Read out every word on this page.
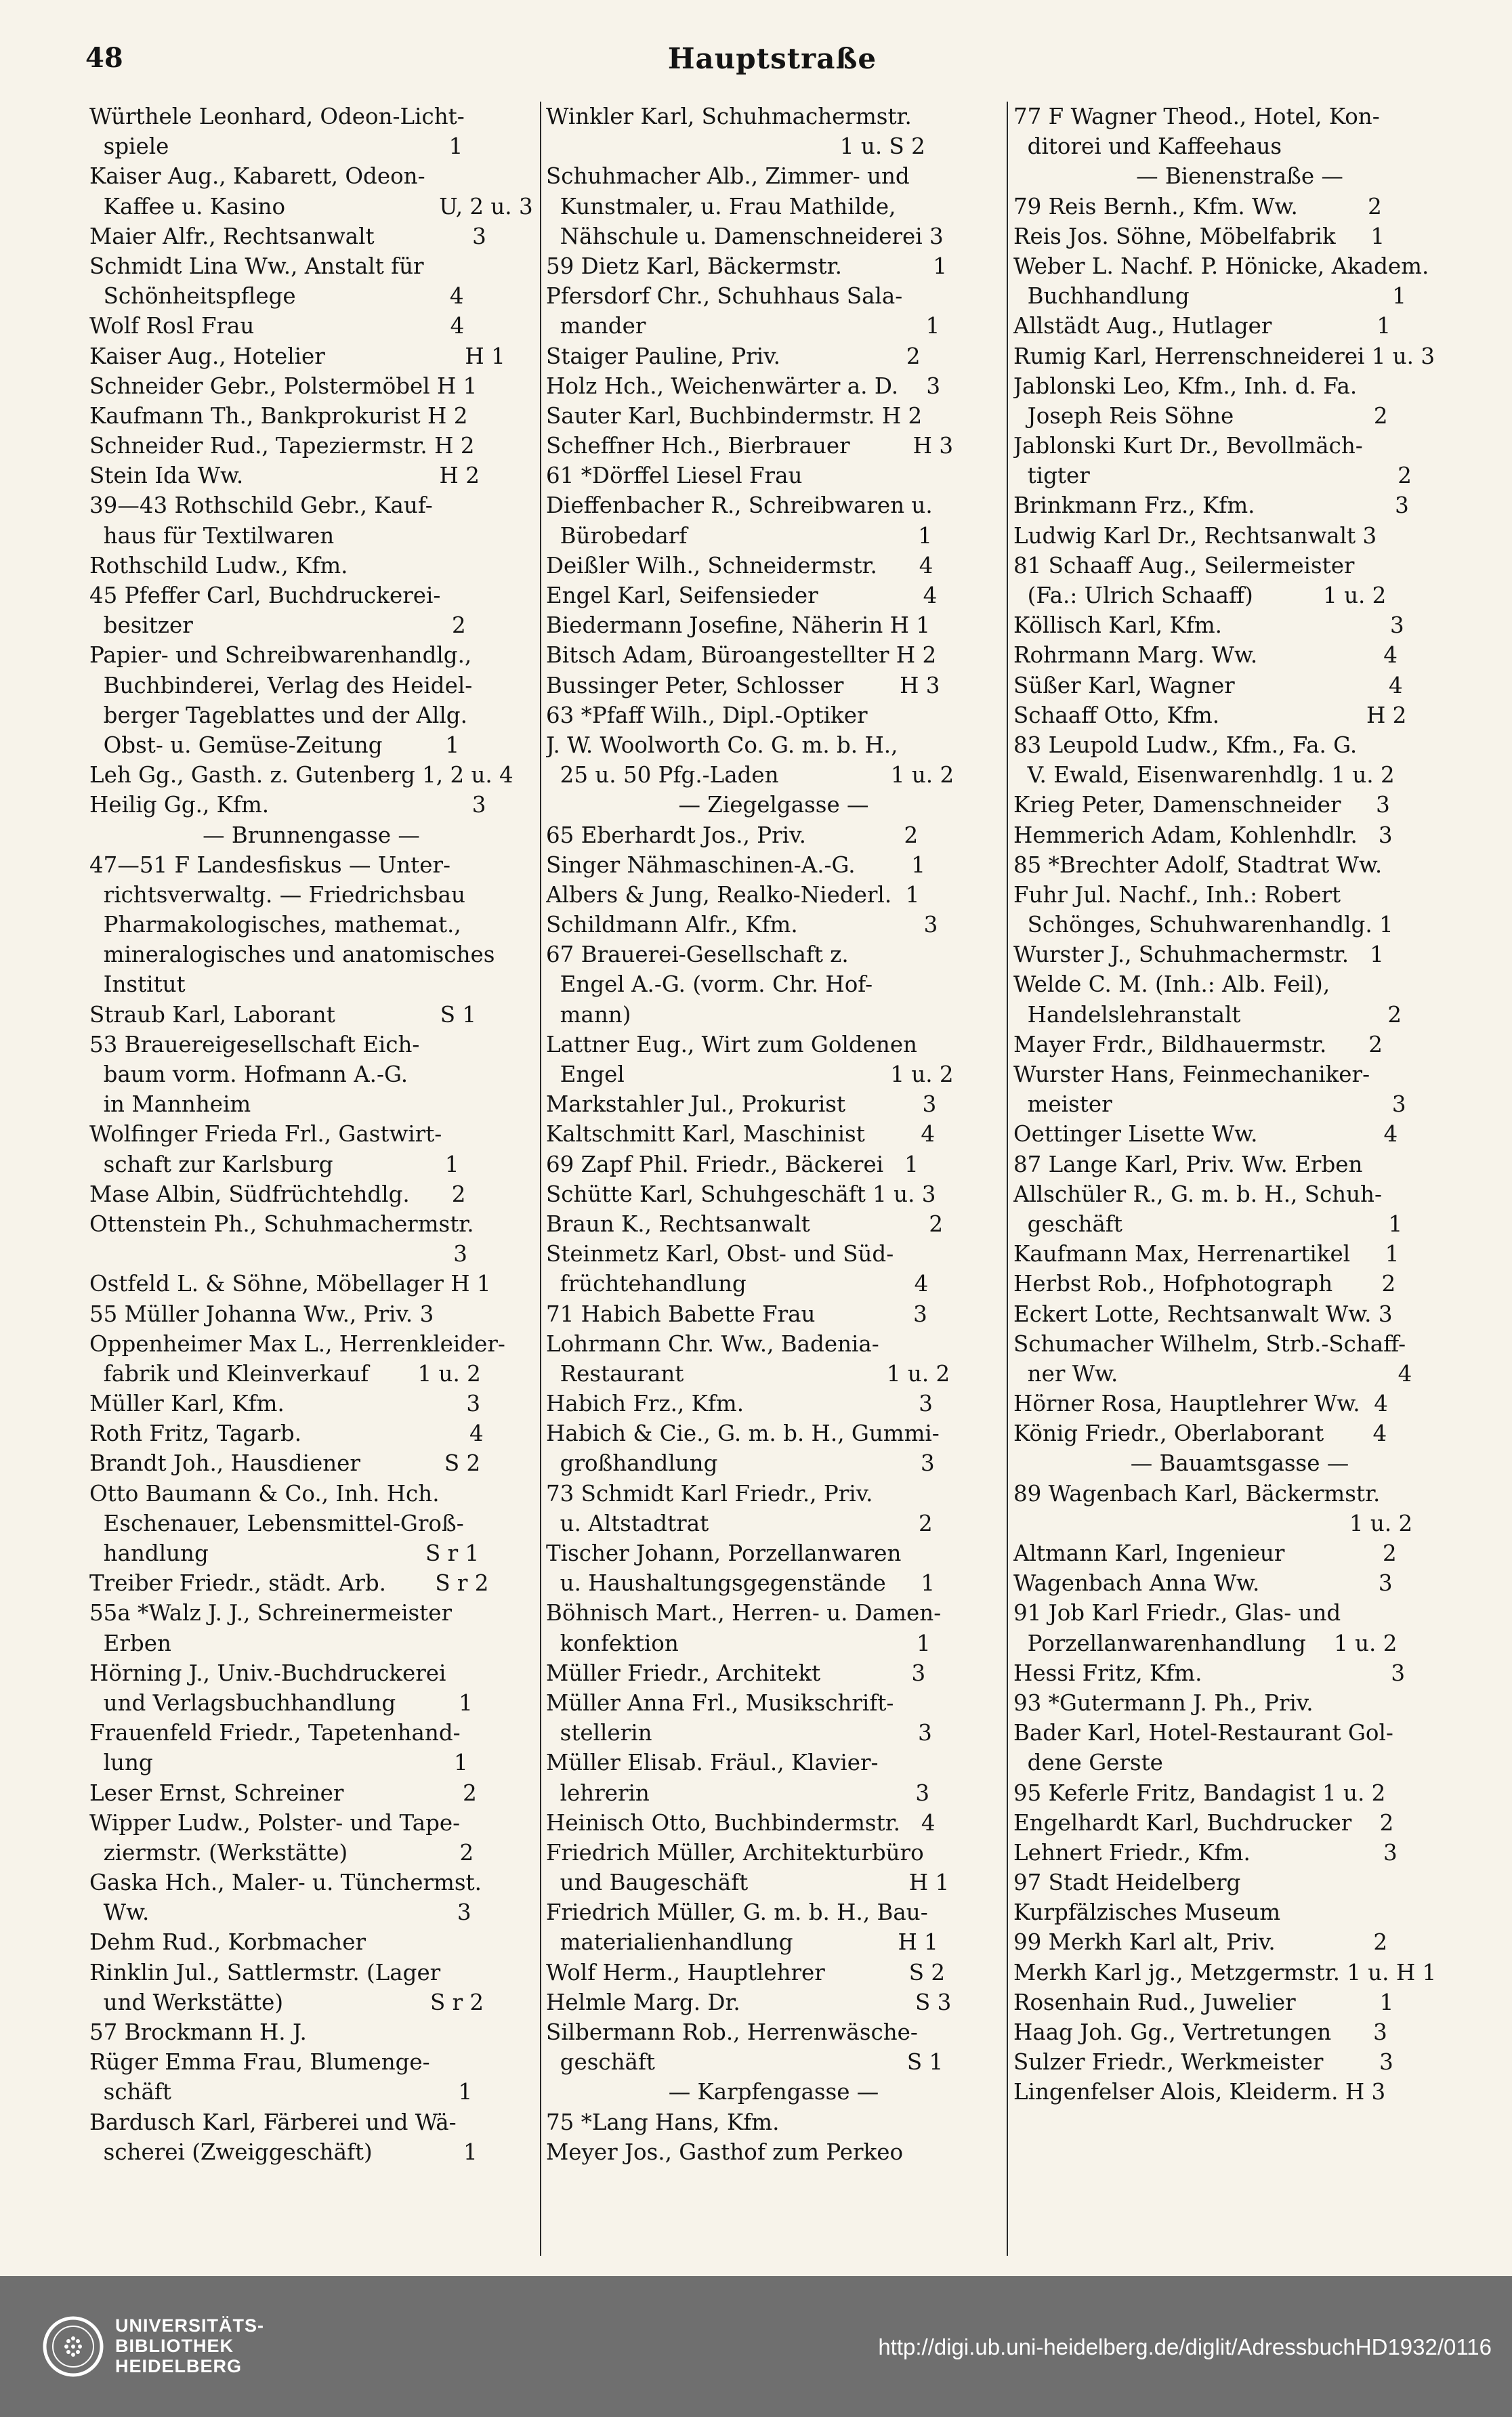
48	Hauptstraße
Würthele Leonhard, Odeon-Licht-
spiele                                        1
Kaiser Aug., Kabarett, Odeon-
Kaffee u. Kasino                      U, 2 u. 3
Maier Alfr., Rechtsanwalt              3
Schmidt Lina Ww., Anstalt für
Schönheitspflege                      4
Wolf Rosl Frau                            4
Kaiser Aug., Hotelier                    H 1
Schneider Gebr., Polstermöbel H 1
Kaufmann Th., Bankprokurist H 2
Schneider Rud., Tapeziermstr. H 2
Stein Ida Ww.                            H 2
39—43 Rothschild Gebr., Kauf-
haus für Textilwaren
Rothschild Ludw., Kfm.
45 Pfeffer Carl, Buchdruckerei-
besitzer                                     2
Papier- und Schreibwarenhandlg.,
Buchbinderei, Verlag des Heidel-
berger Tageblattes und der Allg.
Obst- u. Gemüse-Zeitung         1
Leh Gg., Gasth. z. Gutenberg 1, 2 u. 4
Heilig Gg., Kfm.                             3
— Brunnengasse —
47—51 F Landesfiskus — Unter-
richtsverwaltg. — Friedrichsbau
Pharmakologisches, mathemat.,
mineralogisches und anatomisches
Institut
Straub Karl, Laborant               S 1
53 Brauereigesellschaft Eich-
baum vorm. Hofmann A.-G.
in Mannheim
Wolfinger Frieda Frl., Gastwirt-
schaft zur Karlsburg                1
Mase Albin, Südfrüchtehdlg.      2
Ottenstein Ph., Schuhmachermstr.
3
Ostfeld L. & Söhne, Möbellager H 1
55 Müller Johanna Ww., Priv. 3
Oppenheimer Max L., Herrenkleider-
fabrik und Kleinverkauf       1 u. 2
Müller Karl, Kfm.                          3
Roth Fritz, Tagarb.                        4
Brandt Joh., Hausdiener            S 2
Otto Baumann & Co., Inh. Hch.
Eschenauer, Lebensmittel-Groß-
handlung                               S r 1
Treiber Friedr., städt. Arb.       S r 2
55a *Walz J. J., Schreinermeister
Erben
Hörning J., Univ.-Buchdruckerei
und Verlagsbuchhandlung         1
Frauenfeld Friedr., Tapetenhand-
lung                                           1
Leser Ernst, Schreiner                 2
Wipper Ludw., Polster- und Tape-
ziermstr. (Werkstätte)                2
Gaska Hch., Maler- u. Tünchermst.
Ww.                                            3
Dehm Rud., Korbmacher
Rinklin Jul., Sattlermstr. (Lager
und Werkstätte)                     S r 2
57 Brockmann H. J.
Rüger Emma Frau, Blumenge-
schäft                                         1
Bardusch Karl, Färberei und Wä-
scherei (Zweiggeschäft)             1
Winkler Karl, Schuhmachermstr.
1 u. S 2
Schuhmacher Alb., Zimmer- und
Kunstmaler, u. Frau Mathilde,
Nähschule u. Damenschneiderei 3
59 Dietz Karl, Bäckermstr.             1
Pfersdorf Chr., Schuhhaus Sala-
mander                                        1
Staiger Pauline, Priv.                  2
Holz Hch., Weichenwärter a. D.    3
Sauter Karl, Buchbindermstr. H 2
Scheffner Hch., Bierbrauer         H 3
61 *Dörffel Liesel Frau
Dieffenbacher R., Schreibwaren u.
Bürobedarf                                 1
Deißler Wilh., Schneidermstr.      4
Engel Karl, Seifensieder               4
Biedermann Josefine, Näherin H 1
Bitsch Adam, Büroangestellter H 2
Bussinger Peter, Schlosser        H 3
63 *Pfaff Wilh., Dipl.-Optiker
J. W. Woolworth Co. G. m. b. H.,
25 u. 50 Pfg.-Laden                1 u. 2
— Ziegelgasse —
65 Eberhardt Jos., Priv.              2
Singer Nähmaschinen-A.-G.        1
Albers & Jung, Realko-Niederl.  1
Schildmann Alfr., Kfm.                  3
67 Brauerei-Gesellschaft z.
Engel A.-G. (vorm. Chr. Hof-
mann)
Lattner Eug., Wirt zum Goldenen
Engel                                      1 u. 2
Markstahler Jul., Prokurist           3
Kaltschmitt Karl, Maschinist        4
69 Zapf Phil. Friedr., Bäckerei   1
Schütte Karl, Schuhgeschäft 1 u. 3
Braun K., Rechtsanwalt                 2
Steinmetz Karl, Obst- und Süd-
früchtehandlung                        4
71 Habich Babette Frau              3
Lohrmann Chr. Ww., Badenia-
Restaurant                             1 u. 2
Habich Frz., Kfm.                         3
Habich & Cie., G. m. b. H., Gummi-
großhandlung                             3
73 Schmidt Karl Friedr., Priv.
u. Altstadtrat                              2
Tischer Johann, Porzellanwaren
u. Haushaltungsgegenstände     1
Böhnisch Mart., Herren- u. Damen-
konfektion                                  1
Müller Friedr., Architekt             3
Müller Anna Frl., Musikschrift-
stellerin                                      3
Müller Elisab. Fräul., Klavier-
lehrerin                                      3
Heinisch Otto, Buchbindermstr.   4
Friedrich Müller, Architekturbüro
und Baugeschäft                       H 1
Friedrich Müller, G. m. b. H., Bau-
materialienhandlung               H 1
Wolf Herm., Hauptlehrer            S 2
Helmle Marg. Dr.                         S 3
Silbermann Rob., Herrenwäsche-
geschäft                                    S 1
— Karpfengasse —
75 *Lang Hans, Kfm.
Meyer Jos., Gasthof zum Perkeo
77 F Wagner Theod., Hotel, Kon-
ditorei und Kaffeehaus
— Bienenstraße —
79 Reis Bernh., Kfm. Ww.          2
Reis Jos. Söhne, Möbelfabrik     1
Weber L. Nachf. P. Hönicke, Akadem.
Buchhandlung                             1
Allstädt Aug., Hutlager               1
Rumig Karl, Herrenschneiderei 1 u. 3
Jablonski Leo, Kfm., Inh. d. Fa.
Joseph Reis Söhne                    2
Jablonski Kurt Dr., Bevollmäch-
tigter                                            2
Brinkmann Frz., Kfm.                    3
Ludwig Karl Dr., Rechtsanwalt 3
81 Schaaff Aug., Seilermeister
(Fa.: Ulrich Schaaff)          1 u. 2
Köllisch Karl, Kfm.                        3
Rohrmann Marg. Ww.                  4
Süßer Karl, Wagner                      4
Schaaff Otto, Kfm.                     H 2
83 Leupold Ludw., Kfm., Fa. G.
V. Ewald, Eisenwarenhdlg. 1 u. 2
Krieg Peter, Damenschneider     3
Hemmerich Adam, Kohlenhdlr.   3
85 *Brechter Adolf, Stadtrat Ww.
Fuhr Jul. Nachf., Inh.: Robert
Schönges, Schuhwarenhandlg. 1
Wurster J., Schuhmachermstr.   1
Welde C. M. (Inh.: Alb. Feil),
Handelslehranstalt                     2
Mayer Frdr., Bildhauermstr.      2
Wurster Hans, Feinmechaniker-
meister                                        3
Oettinger Lisette Ww.                  4
87 Lange Karl, Priv. Ww. Erben
Allschüler R., G. m. b. H., Schuh-
geschäft                                      1
Kaufmann Max, Herrenartikel     1
Herbst Rob., Hofphotograph       2
Eckert Lotte, Rechtsanwalt Ww. 3
Schumacher Wilhelm, Strb.-Schaff-
ner Ww.                                        4
Hörner Rosa, Hauptlehrer Ww.  4
König Friedr., Oberlaborant       4
— Bauamtsgasse —
89 Wagenbach Karl, Bäckermstr.
1 u. 2
Altmann Karl, Ingenieur              2
Wagenbach Anna Ww.                 3
91 Job Karl Friedr., Glas- und
Porzellanwarenhandlung    1 u. 2
Hessi Fritz, Kfm.                           3
93 *Gutermann J. Ph., Priv.
Bader Karl, Hotel-Restaurant Gol-
dene Gerste
95 Keferle Fritz, Bandagist 1 u. 2
Engelhardt Karl, Buchdrucker    2
Lehnert Friedr., Kfm.                   3
97 Stadt Heidelberg
Kurpfälzisches Museum
99 Merkh Karl alt, Priv.              2
Merkh Karl jg., Metzgermstr. 1 u. H 1
Rosenhain Rud., Juwelier            1
Haag Joh. Gg., Vertretungen      3
Sulzer Friedr., Werkmeister        3
Lingenfelser Alois, Kleiderm. H 3
UNIVERSITÄTS-
BIBLIOTHEK
HEIDELBERG
http://digi.ub.uni-heidelberg.de/diglit/AdressbuchHD1932/0116
